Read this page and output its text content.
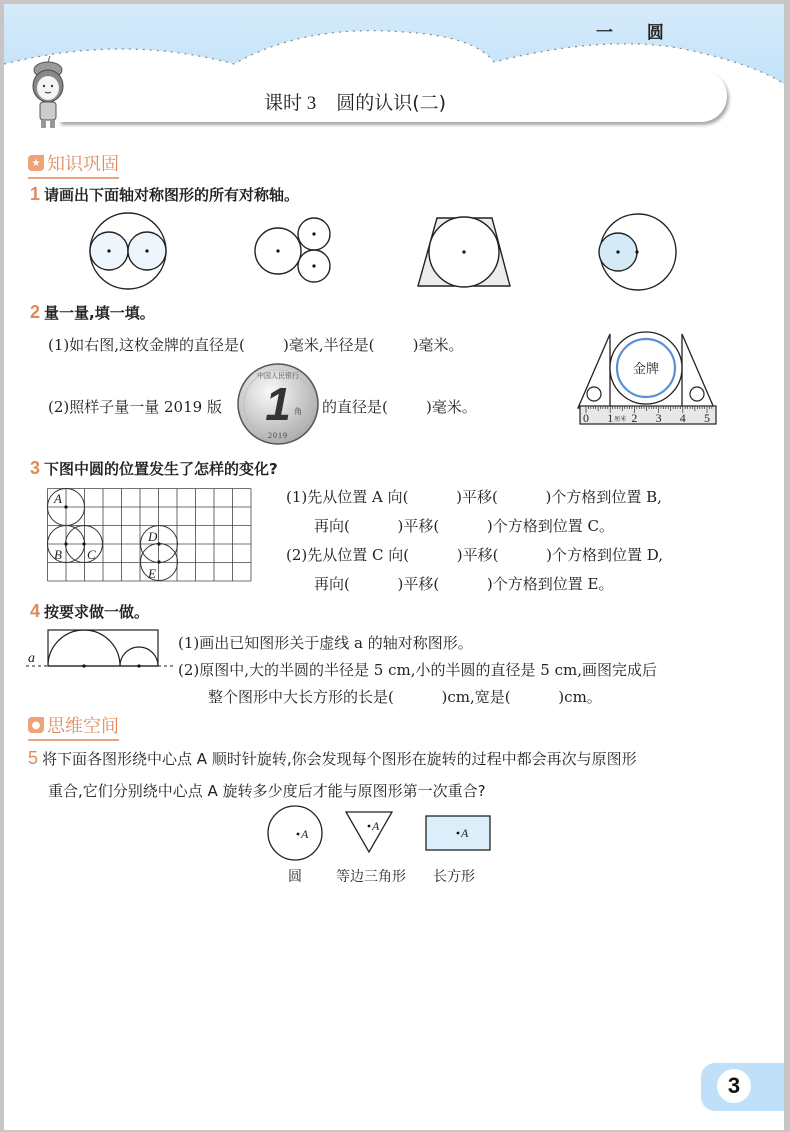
一 圆
课时 3 圆的认识(二)
★ 知识巩固
1 请画出下面轴对称图形的所有对称轴。
2 量一量,填一填。
(1)如右图,这枚金牌的直径是(        )毫米,半径是(        )毫米。
(2)照样子量一量 2019 版	的直径是(        )毫米。
1 角
2019
中国人民银行	金牌
0 1 2 3 4 5
厘米
3 下图中圆的位置发生了怎样的变化?
A
B C
D
E
(1)先从位置 A 向(          )平移(          )个方格到位置 B,
再向(          )平移(          )个方格到位置 C。
(2)先从位置 C 向(          )平移(          )个方格到位置 D,
再向(          )平移(          )个方格到位置 E。
4 按要求做一做。
a
(1)画出已知图形关于虚线 a 的轴对称图形。
(2)原图中,大的半圆的半径是 5 cm,小的半圆的直径是 5 cm,画图完成后
整个图形中大长方形的长是(          )cm,宽是(          )cm。
● 思维空间
5 将下面各图形绕中心点 A 顺时针旋转,你会发现每个图形在旋转的过程中都会再次与原图形
重合,它们分别绕中心点 A 旋转多少度后才能与原图形第一次重合?
A
A	A
圆 等边三角形 长方形
3
